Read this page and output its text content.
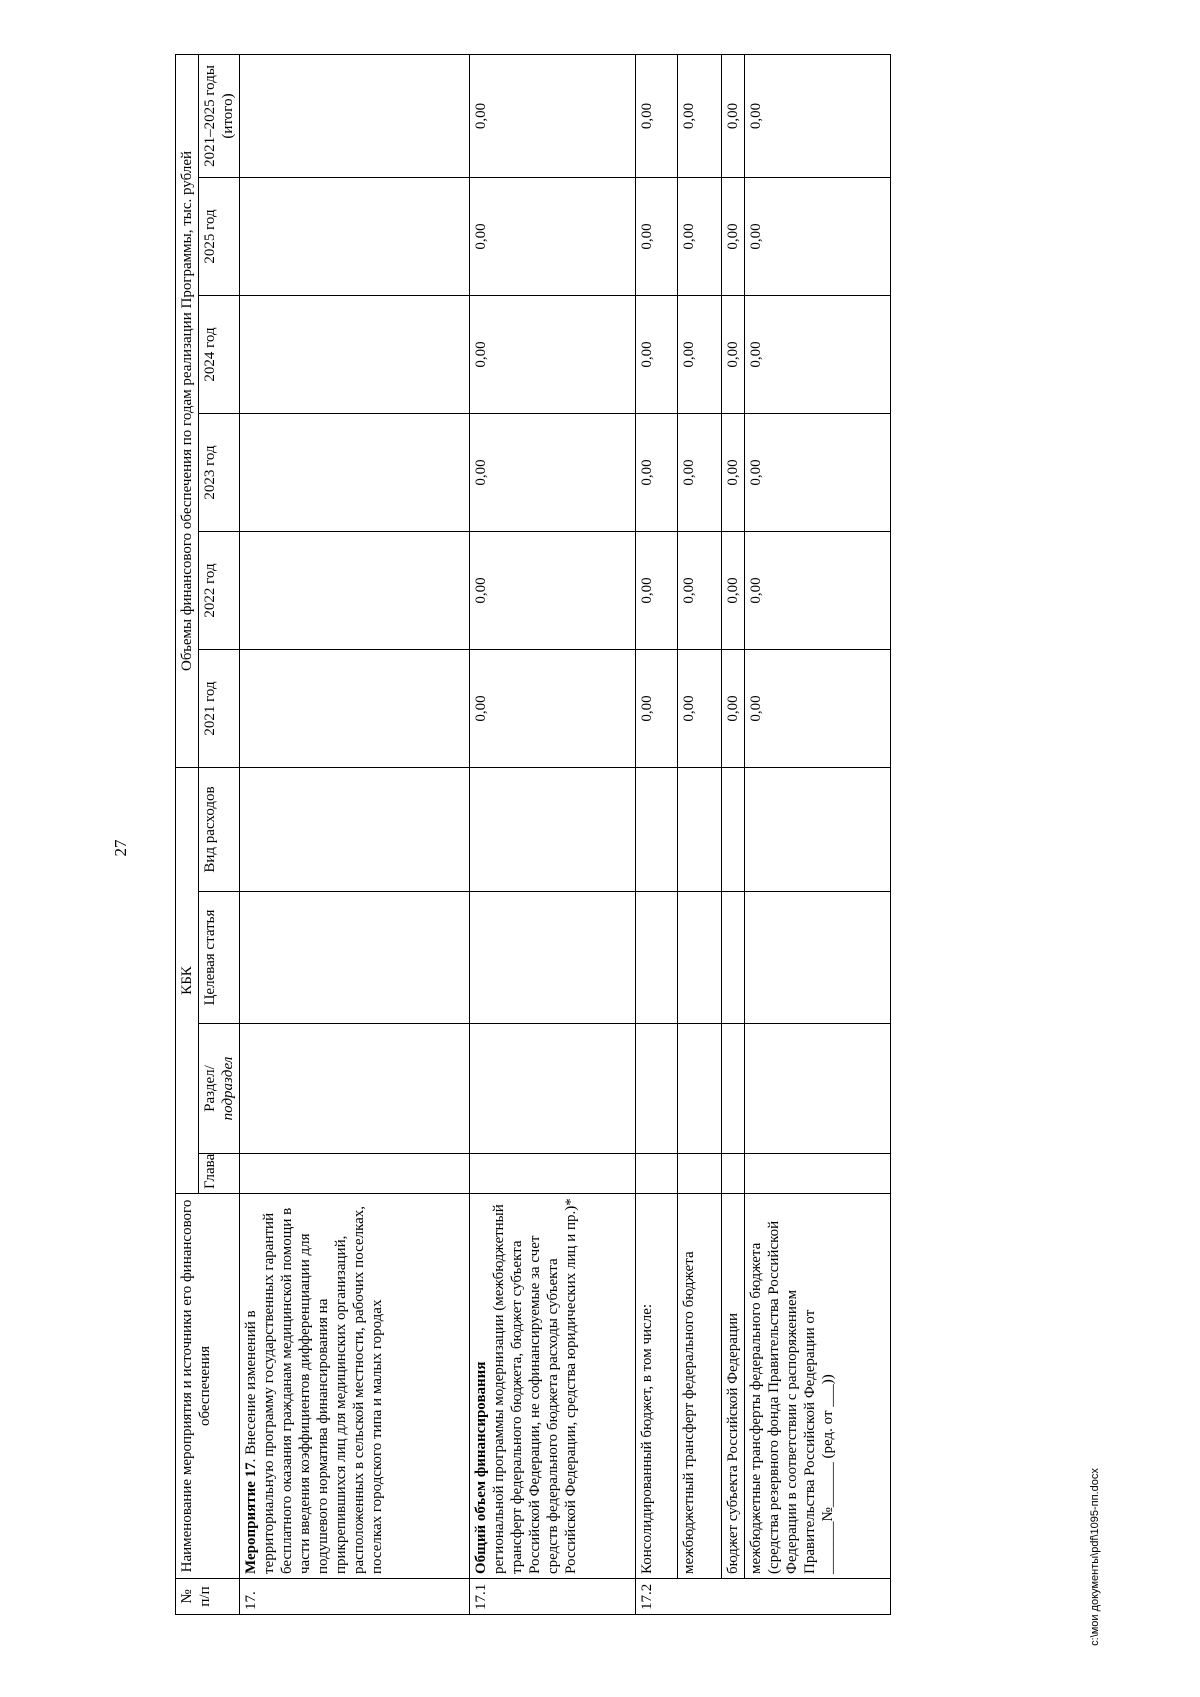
27
№ п/п	Наименование мероприятия и источники его финансового обеспечения	КБК				Объемы финансового обеспечения по годам реализации Программы, тыс. рублей					
		Глава	Раздел/ подраздел	Целевая статья	Вид расходов	2021 год	2022 год	2023 год	2024 год	2025 год	2021–2025 годы (итого)
17.	Мероприятие 17. Внесение изменений в территориальную программу государственных гарантий бесплатного оказания гражданам медицинской помощи в части введения коэффициентов дифференциации для подушевого норматива финансирования на прикрепившихся лиц для медицинских организаций, расположенных в сельской местности, рабочих поселках, поселках городского типа и малых городах										
17.1	Общий объем финансирования региональной программы модернизации (межбюджетный трансферт федерального бюджета, бюджет субъекта Российской Федерации, не софинансируемые за счет средств федерального бюджета расходы субъекта Российской Федерации, средства юридических лиц и пр.)*					0,00	0,00	0,00	0,00	0,00	0,00
17.2	Консолидированный бюджет, в том числе:					0,00	0,00	0,00	0,00	0,00	0,00
	межбюджетный трансферт федерального бюджета					0,00	0,00	0,00	0,00	0,00	0,00
	бюджет субъекта Российской Федерации					0,00	0,00	0,00	0,00	0,00	0,00
	межбюджетные трансферты федерального бюджета (средства резервного фонда Правительства Российской Федерации в соответствии с распоряжением Правительства Российской Федерации от _______№______ (ред. от ___))					0,00	0,00	0,00	0,00	0,00	0,00
c:\мои документы\pdf\1095-пп.docx
